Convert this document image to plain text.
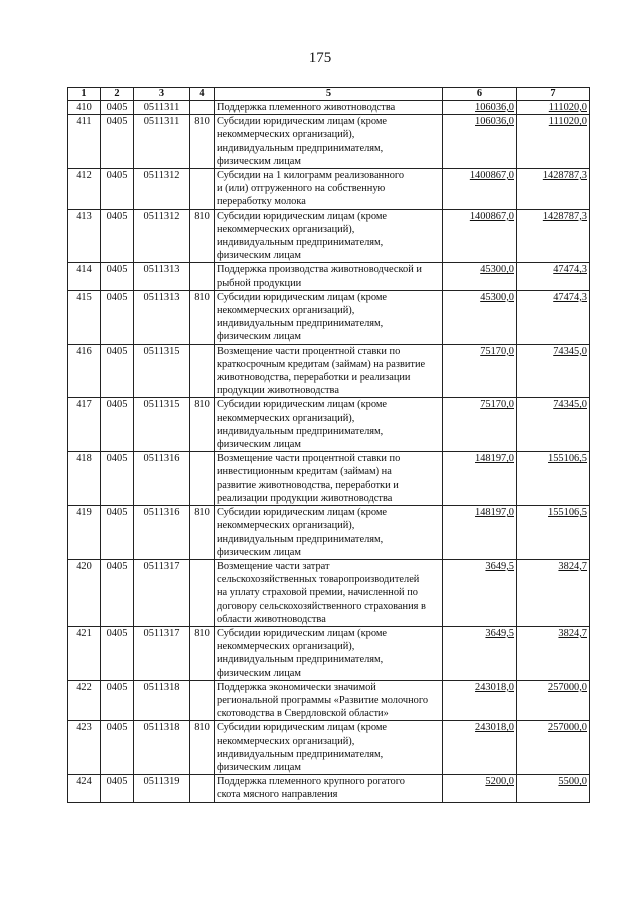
175
1	2	3	4	5	6	7
410	0405	0511311		Поддержка племенного животноводства	106036,0	111020,0
411	0405	0511311	810	Субсидии юридическим лицам (кроме
некоммерческих организаций),
индивидуальным предпринимателям,
физическим лицам	106036,0	111020,0
412	0405	0511312		Субсидии на 1 килограмм реализованного
и (или) отгруженного на собственную
переработку молока	1400867,0	1428787,3
413	0405	0511312	810	Субсидии юридическим лицам (кроме
некоммерческих организаций),
индивидуальным предпринимателям,
физическим лицам	1400867,0	1428787,3
414	0405	0511313		Поддержка производства животноводческой и
рыбной продукции	45300,0	47474,3
415	0405	0511313	810	Субсидии юридическим лицам (кроме
некоммерческих организаций),
индивидуальным предпринимателям,
физическим лицам	45300,0	47474,3
416	0405	0511315		Возмещение части процентной ставки по
краткосрочным кредитам (займам) на развитие
животноводства, переработки и реализации
продукции животноводства	75170,0	74345,0
417	0405	0511315	810	Субсидии юридическим лицам (кроме
некоммерческих организаций),
индивидуальным предпринимателям,
физическим лицам	75170,0	74345,0
418	0405	0511316		Возмещение части процентной ставки по
инвестиционным кредитам (займам) на
развитие животноводства, переработки и
реализации продукции животноводства	148197,0	155106,5
419	0405	0511316	810	Субсидии юридическим лицам (кроме
некоммерческих организаций),
индивидуальным предпринимателям,
физическим лицам	148197,0	155106,5
420	0405	0511317		Возмещение части затрат
сельскохозяйственных товаропроизводителей
на уплату страховой премии, начисленной по
договору сельскохозяйственного страхования в
области животноводства	3649,5	3824,7
421	0405	0511317	810	Субсидии юридическим лицам (кроме
некоммерческих организаций),
индивидуальным предпринимателям,
физическим лицам	3649,5	3824,7
422	0405	0511318		Поддержка экономически значимой
региональной программы «Развитие молочного
скотоводства в Свердловской области»	243018,0	257000,0
423	0405	0511318	810	Субсидии юридическим лицам (кроме
некоммерческих организаций),
индивидуальным предпринимателям,
физическим лицам	243018,0	257000,0
424	0405	0511319		Поддержка племенного крупного рогатого
скота мясного направления	5200,0	5500,0
